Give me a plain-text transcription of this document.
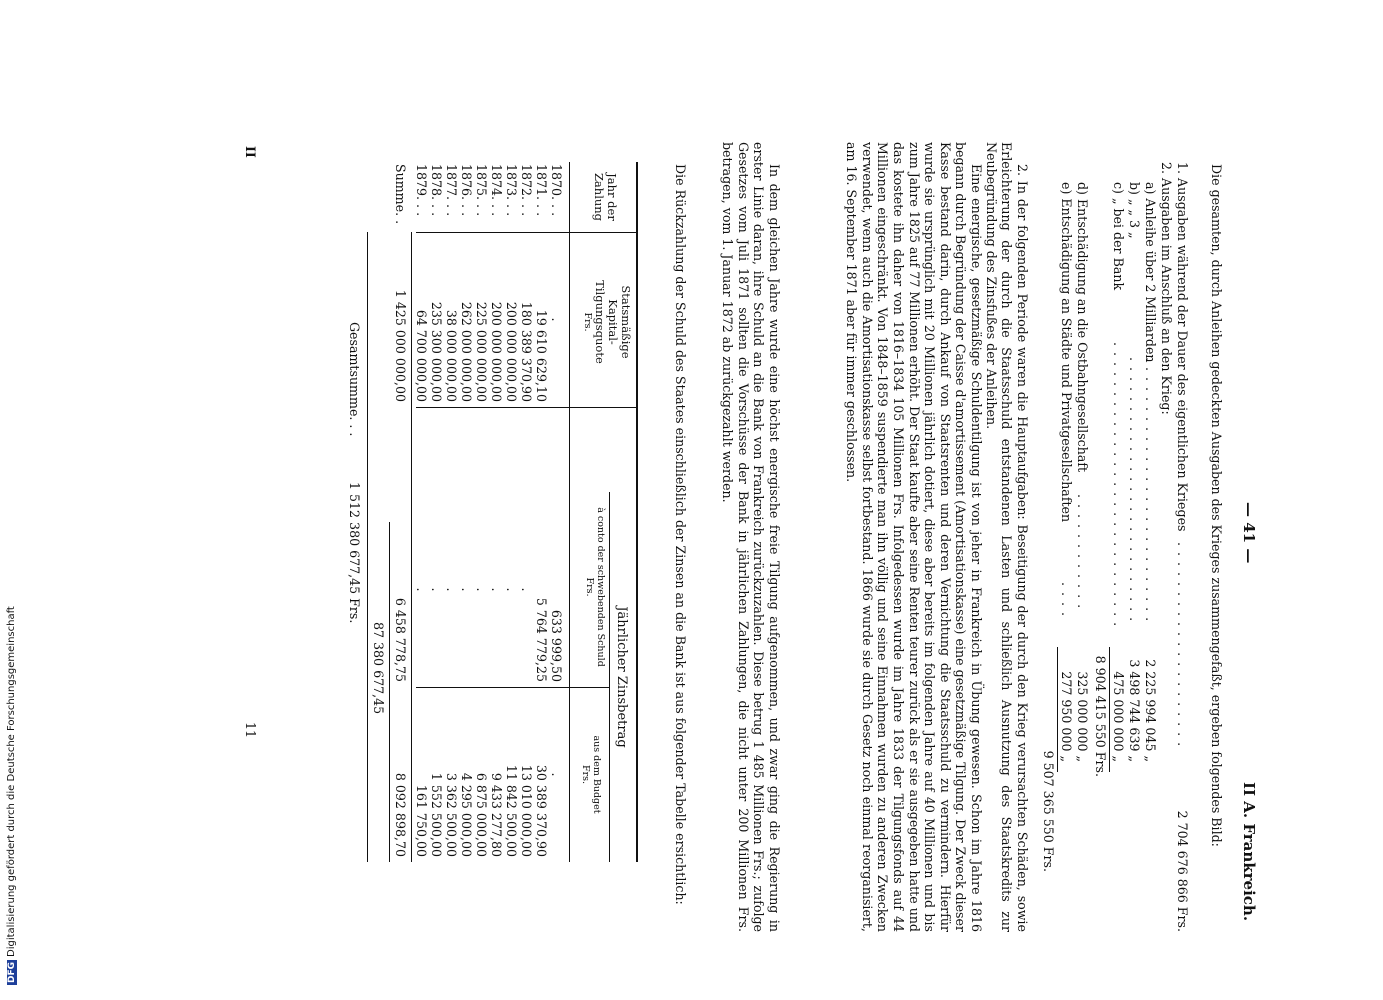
— 41 —
II A. Frankreich.

Die gesamten, durch Anleihen gedeckten Ausgaben des Krieges zusammengefaßt, ergeben folgendes Bild:

1. Ausgaben während der Dauer des eigentlichen Krieges
. . . . . . . . . . . . . . . . . . . . .
2 704 676 866 Frs.
2. Ausgaben im Anschluß an den Krieg:
a) Anleihe über 2 Milliarden
. . . . . . . . . . . . . . . . . . . . . . . . . . .
2 225 994 045 „
b) „ „ 3 „
. . . . . . . . . . . . . . . . . . . . . . . . . . .
3 498 744 639 „
c) „ bei der Bank
. . . . . . . . . . . . . . . . . . . . . . . . . . . . .
475 000 000 „
8 904 415 550 Frs.
d) Entschädigung an die Ostbahngesellschaft
. . . . . . . . . . . .
325 000 000 „
e) Entschädigung an Städte und Privatgesellschaften
. . . .
277 950 000 „
9 507 365 550 Frs.

2. In der folgenden Periode waren die Hauptaufgaben: Beseitigung der durch den Krieg verursachten Schäden, sowie Erleichterung der durch die Staatsschuld entstandenen Lasten und schließlich Ausnutzung des Staatskredits zur Neubegründung des Zinsfußes der Anleihen.

Eine energische, gesetzmäßige Schuldentilgung ist von jeher in Frankreich in Übung gewesen. Schon im Jahre 1816 begann durch Begründung der Caisse d'amortissement (Amortisationskasse) eine gesetzmäßige Tilgung. Der Zweck dieser Kasse bestand darin, durch Ankauf von Staatsrenten und deren Vernichtung die Staatsschuld zu vermindern. Hierfür wurde sie ursprünglich mit 20 Millionen jährlich dotiert, diese aber bereits im folgenden Jahre auf 40 Millionen und bis zum Jahre 1825 auf 77 Millionen erhöht. Der Staat kaufte aber seine Renten teurer zurück als er sie ausgegeben hatte und das kostete ihn daher von 1816–1834 105 Millionen Frs. Infolgedessen wurde im Jahre 1833 der Tilgungsfonds auf 44 Millionen eingeschränkt. Von 1848–1859 suspendierte man ihn völlig und seine Einnahmen wurden zu anderen Zwecken verwendet, wenn auch die Amortisationskasse selbst fortbestand. 1866 wurde sie durch Gesetz noch einmal reorganisiert, am 16. September 1871 aber für immer geschlossen.

In dem gleichen Jahre wurde eine höchst energische freie Tilgung aufgenommen, und zwar ging die Regierung in erster Linie daran, ihre Schuld an die Bank von Frankreich zurückzuzahlen. Diese betrug 1 485 Millionen Frs.; zufolge Gesetzes vom Juli 1871 sollten die Vorschüsse der Bank in jährlichen Zahlungen, die nicht unter 200 Millionen Frs. betragen, vom 1. Januar 1872 ab zurückgezahlt werden.

Die Rückzahlung der Schuld des Staates einschließlich der Zinsen an die Bank ist aus folgender Tabelle ersichtlich:

Jahr der Zahlung
Statsmäßige Kapital-Tilgungsquote
Frs.
Jährlicher Zinsbetrag
à conto der schwebenden Schuld
Frs.
aus dem Budget
Frs.
1870. . .
.
633 999,50
.
1871. . .
19 610 629,10
5 764 779,25
30 389 370,90
1872. . .
180 389 370,90
.
13 010 000,00
1873. . .
200 000 000,00
.
11 842 500,00
1874. . .
200 000 000,00
.
9 433 277,80
1875. . .
225 000 000,00
.
6 875 000,00
1876. . .
262 000 000,00
.
4 295 000,00
1877. . .
38 000 000,00
.
3 362 500,00
1878. . .
235 300 000,00
.
1 552 500,00
1879. . .
64 700 000,00
.
161 750,00
Summe. .
1 425 000 000,00
6 458 778,75
8 092 898,70
87 380 677,45
Gesamtsumme. . .
1 512 380 677,45 Frs.
II
11
DFGDigitalisierung gefördert durch die Deutsche Forschungsgemeinschaft
